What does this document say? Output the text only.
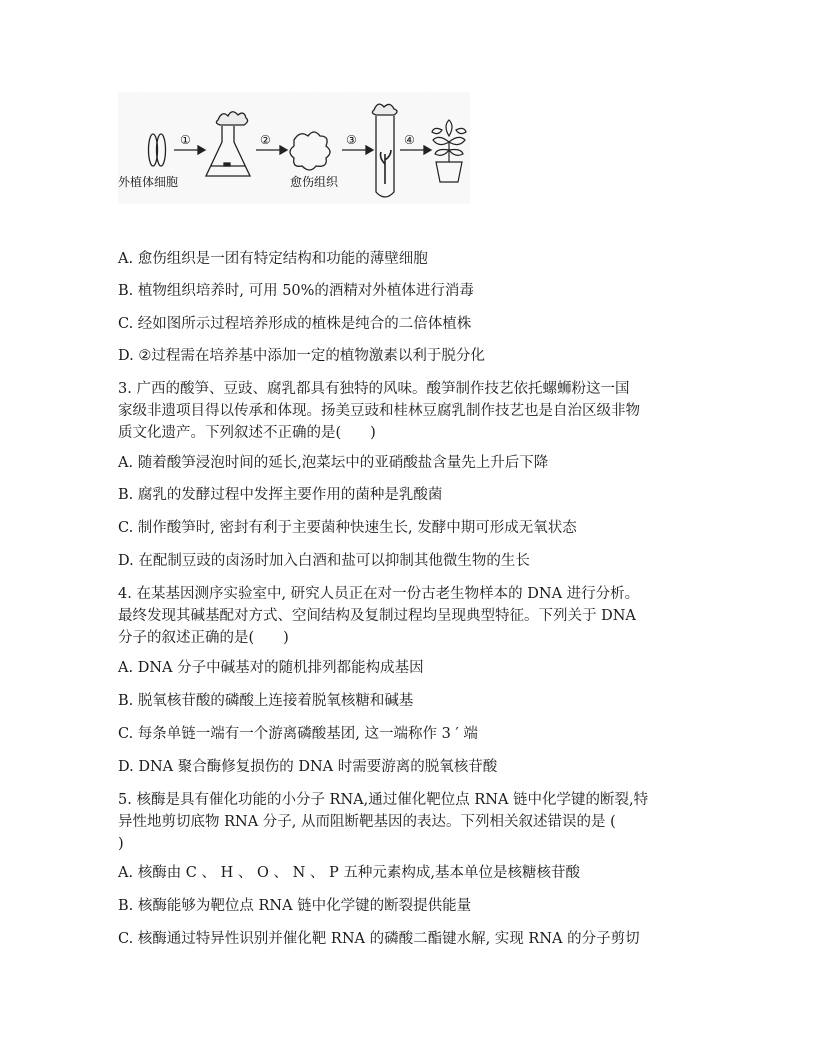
外植体细胞
①	②
愈伤组织
③	④
A. 愈伤组织是一团有特定结构和功能的薄壁细胞
B. 植物组织培养时, 可用 50%的酒精对外植体进行消毒
C. 经如图所示过程培养形成的植株是纯合的二倍体植株
D. ②过程需在培养基中添加一定的植物激素以利于脱分化
3. 广西的酸笋、豆豉、腐乳都具有独特的风味。酸笋制作技艺依托螺蛳粉这一国
家级非遗项目得以传承和体现。扬美豆豉和桂林豆腐乳制作技艺也是自治区级非物
质文化遗产。下列叙述不正确的是(　　)
A. 随着酸笋浸泡时间的延长,泡菜坛中的亚硝酸盐含量先上升后下降
B. 腐乳的发酵过程中发挥主要作用的菌种是乳酸菌
C. 制作酸笋时, 密封有利于主要菌种快速生长, 发酵中期可形成无氧状态
D. 在配制豆豉的卤汤时加入白酒和盐可以抑制其他微生物的生长
4. 在某基因测序实验室中, 研究人员正在对一份古老生物样本的 DNA 进行分析。
最终发现其碱基配对方式、空间结构及复制过程均呈现典型特征。下列关于 DNA
分子的叙述正确的是(　　)
A. DNA 分子中碱基对的随机排列都能构成基因
B. 脱氧核苷酸的磷酸上连接着脱氧核糖和碱基
C. 每条单链一端有一个游离磷酸基团, 这一端称作 3 ′ 端
D. DNA 聚合酶修复损伤的 DNA 时需要游离的脱氧核苷酸
5. 核酶是具有催化功能的小分子 RNA,通过催化靶位点 RNA 链中化学键的断裂,特
异性地剪切底物 RNA 分子, 从而阻断靶基因的表达。下列相关叙述错误的是 (
)
A. 核酶由 C 、 H 、 O 、 N 、 P 五种元素构成,基本单位是核糖核苷酸
B. 核酶能够为靶位点 RNA 链中化学键的断裂提供能量
C. 核酶通过特异性识别并催化靶 RNA 的磷酸二酯键水解, 实现 RNA 的分子剪切
